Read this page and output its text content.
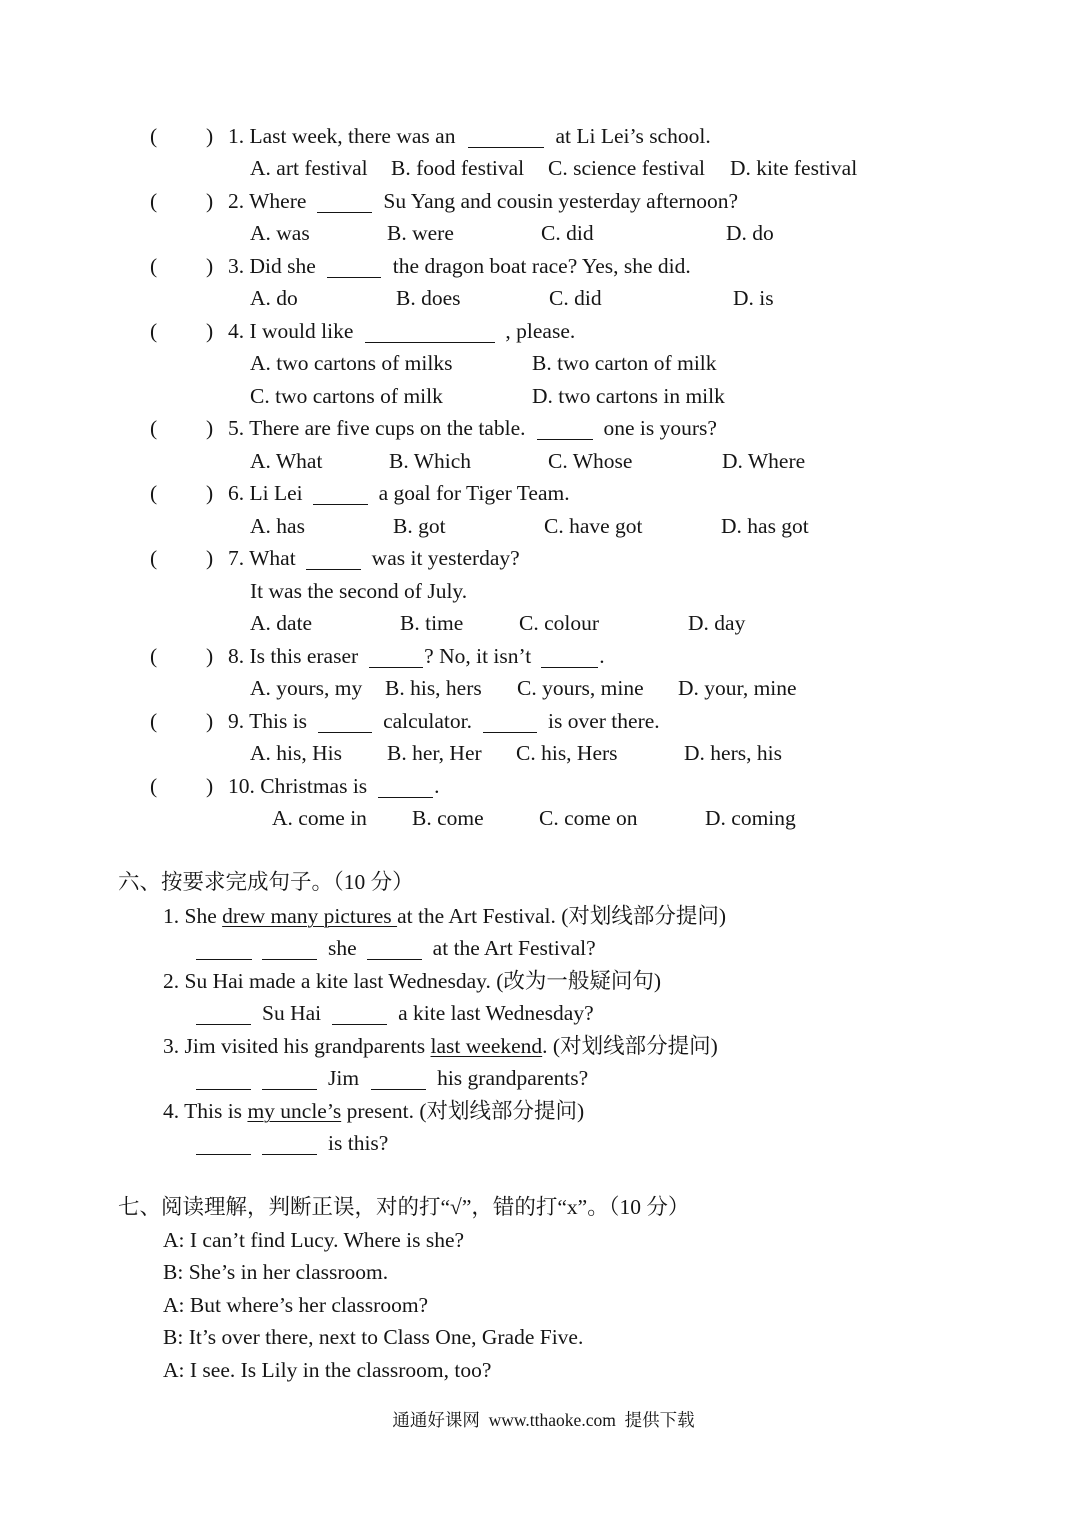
( ) 1. Last week, there was an	at Li Lei’s school.
A. art festival B. food festival C. science festival D. kite festival
( ) 2. Where	Su Yang and cousin yesterday afternoon?
A. was	B. were	C. did	D. do
( ) 3. Did she	the dragon boat race? Yes, she did.
A. do	B. does	C. did	D. is
( ) 4. I would like	, please.
A. two cartons of milks	B. two carton of milk
C. two cartons of milk	D. two cartons in milk
( ) 5. There are five cups on the table.	one is yours?
A. What	B. Which	C. Whose	D. Where
( ) 6. Li Lei	a goal for Tiger Team.
A. has	B. got	C. have got	D. has got
( ) 7. What	was it yesterday?
It was the second of July.
A. date	B. time	C. colour	D. day
( ) 8. Is this eraser	? No, it isn’t	.
A. yours, my B. his, hers C. yours, mine D. your, mine
( ) 9. This is	calculator.	is over there.
A. his, His B. her, Her C. his, Hers	D. hers, his
( ) 10. Christmas is	.
A. come in B. come	C. come on	D. coming
六、按要求完成句子。（10 分）
1. She drew many pictures at the Art Festival. (对划线部分提问)
she	at the Art Festival?
2. Su Hai made a kite last Wednesday. (改为一般疑问句)
Su Hai	a kite last Wednesday?
3. Jim visited his grandparents last weekend. (对划线部分提问)
Jim	his grandparents?
4. This is my uncle’s present. (对划线部分提问)
is this?
七、阅读理解，判断正误，对的打“√”，错的打“x”。（10 分）
A: I can’t find Lucy. Where is she?
B: She’s in her classroom.
A: But where’s her classroom?
B: It’s over there, next to Class One, Grade Five.
A: I see. Is Lily in the classroom, too?
通通好课网 www.tthaoke.com 提供下载
